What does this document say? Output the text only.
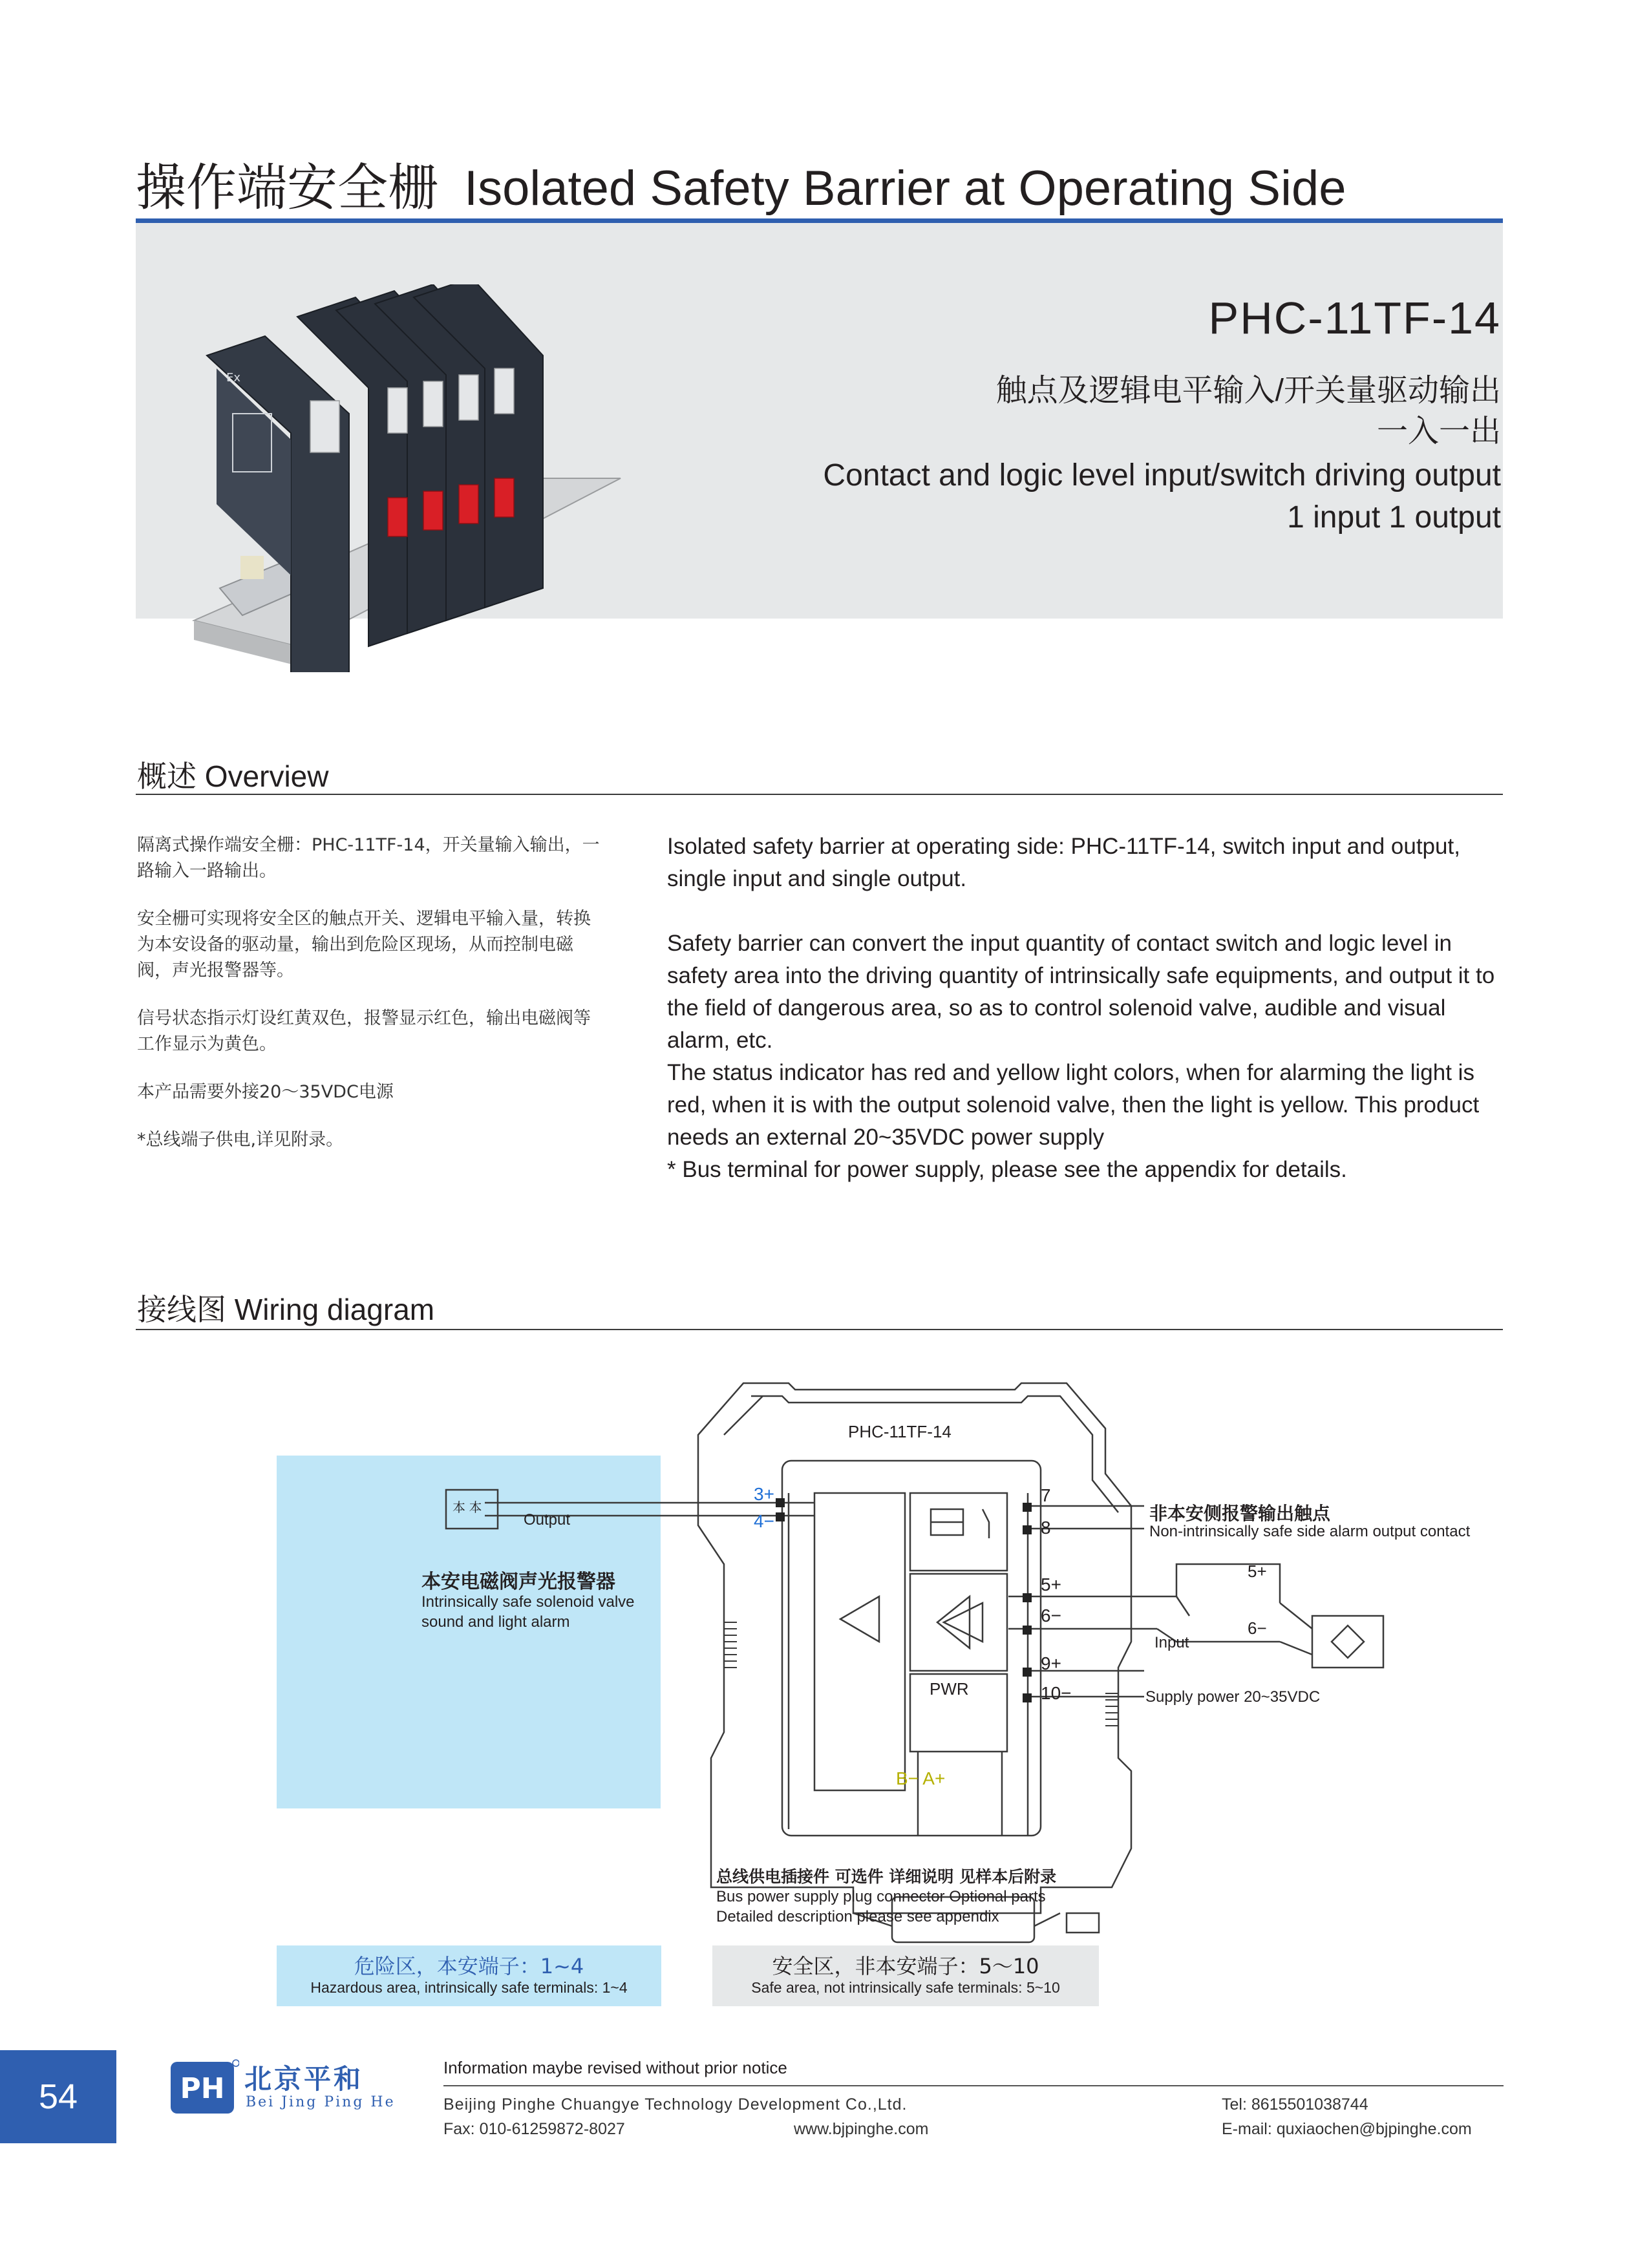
操作端安全栅 Isolated Safety Barrier at Operating Side
Ex
PHC-11TF-14
触点及逻辑电平输入/开关量驱动输出
一入一出
Contact and logic level input/switch driving output
1 input 1 output
概述 Overview

隔离式操作端安全栅：PHC-11TF-14，开关量输入输出，一路输入一路输出。

安全栅可实现将安全区的触点开关、逻辑电平输入量，转换为本安设备的驱动量，输出到危险区现场，从而控制电磁阀，声光报警器等。

信号状态指示灯设红黄双色，报警显示红色，输出电磁阀等工作显示为黄色。

本产品需要外接20～35VDC电源

*总线端子供电,详见附录。

Isolated safety barrier at operating side: PHC-11TF-14, switch input and output, single input and single output.

Safety barrier can convert the input quantity of contact switch and logic level in safety area into the driving quantity of intrinsically safe equipments, and output it to the field of dangerous area, so as to control solenoid valve, audible and visual alarm, etc.

The status indicator has red and yellow light colors, when for alarming the light is red, when it is with the output solenoid valve, then the light is yellow. This product needs an external 20~35VDC power supply

* Bus terminal for power supply, please see the appendix for details.

接线图 Wiring diagram
PHC-11TF-14
本 本
Output
本安电磁阀声光报警器
Intrinsically safe solenoid valve sound and light alarm
3+
4−
7
8
5+
6−
9+
10−
PWR
B− A+
非本安侧报警输出触点
Non-intrinsically safe side alarm output contact
5+
6−
Input
Supply power 20~35VDC
总线供电插接件 可选件 详细说明 见样本后附录
Bus power supply plug connector Optional parts
Detailed description please see appendix
危险区，本安端子：1~4
Hazardous area, intrinsically safe terminals: 1~4
安全区，非本安端子：5～10
Safe area, not intrinsically safe terminals: 5~10
54	PH 北京平和
Bei Jing Ping He
Information maybe revised without prior notice
Beijing Pinghe Chuangye Technology Development Co.,Ltd.	Tel: 8615501038744
Fax: 010-61259872-8027	www.bjpinghe.com	E-mail: quxiaochen@bjpinghe.com
